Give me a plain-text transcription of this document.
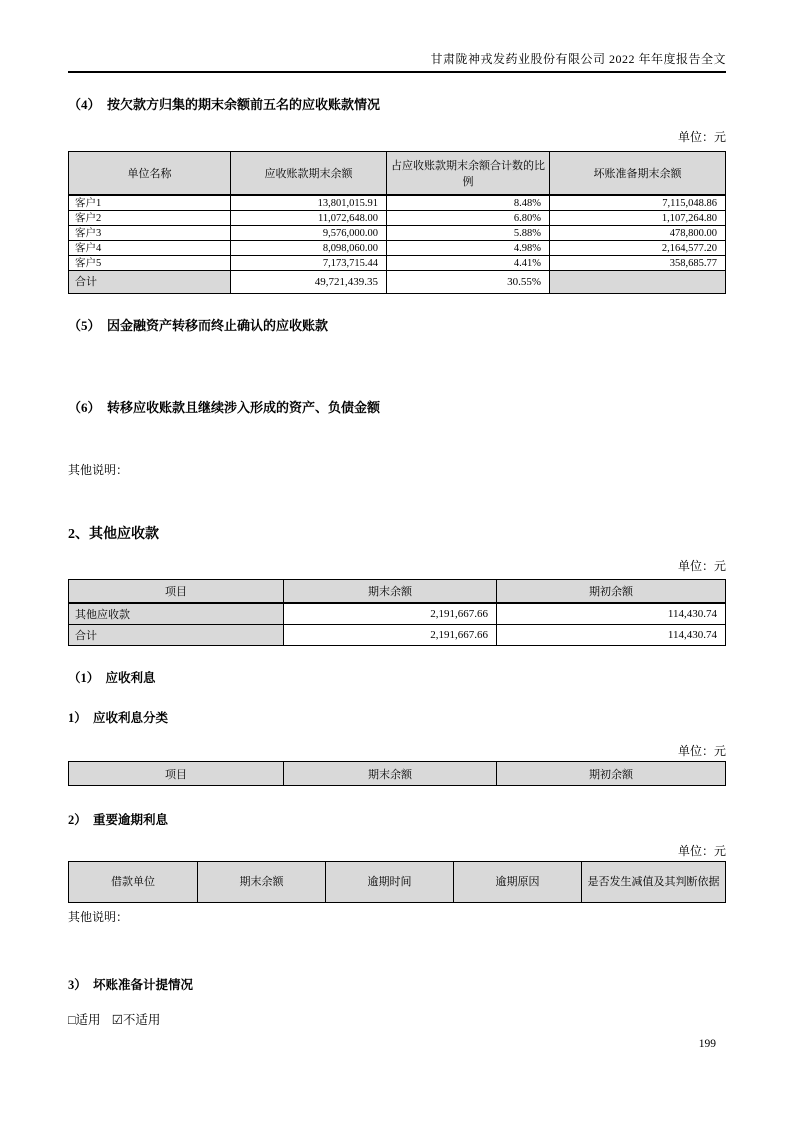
甘肃陇神戎发药业股份有限公司 2022 年年度报告全文
（4）　按欠款方归集的期末余额前五名的应收账款情况
单位：元
单位名称	应收账款期末余额	占应收账款期末余额合计数的比例	坏账准备期末余额
客户1	13,801,015.91	8.48%	7,115,048.86
客户2	11,072,648.00	6.80%	1,107,264.80
客户3	9,576,000.00	5.88%	478,800.00
客户4	8,098,060.00	4.98%	2,164,577.20
客户5	7,173,715.44	4.41%	358,685.77
合计	49,721,439.35	30.55%	
（5）　因金融资产转移而终止确认的应收账款
（6）　转移应收账款且继续涉入形成的资产、负债金额
其他说明：
2、其他应收款
单位：元
项目	期末余额	期初余额
其他应收款	2,191,667.66	114,430.74
合计	2,191,667.66	114,430.74
（1）　应收利息
1）　应收利息分类
单位：元
项目	期末余额	期初余额
2）　重要逾期利息
单位：元
借款单位	期末余额	逾期时间	逾期原因	是否发生减值及其判断依据
其他说明：
3）　坏账准备计提情况
□适用 ☑不适用
199
